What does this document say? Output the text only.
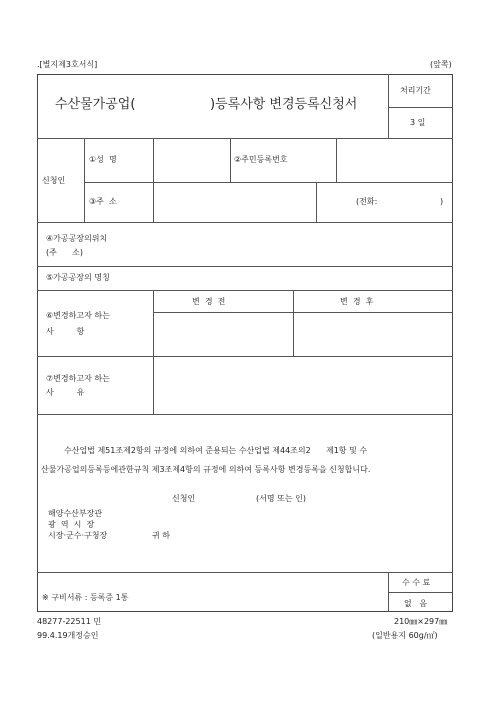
.[별지제3호서식]	(앞쪽)
수산물가공업(	)등록사항 변경등록신청서
처리기간
3 일
신청인
①성  명	②주민등록번호
③주  소	(전화:	)
④가공공장의위치
(주      소)
⑤가공공장의 명칭
⑥변경하고자 하는
사         항
변  경  전	변  경  후
⑦변경하고자 하는
사         유
수산업법 제51조제2항의 규정에 의하여 준용되는 수산업법 제44조의2      제1항 및 수
산물가공업의등록등에관한규칙 제3조제4항의 규정에 의하여 등록사항 변경등록을 신청합니다.
신청인	(서명 또는 인)
해양수산부장관
광  역  시  장
시장·군수·구청장	귀 하
※ 구비서류 : 등록증 1통
수 수 료
없   음
48277-22511 민
99.4.19개정승인
210㎜×297㎜
(일반용지 60g/㎡)
